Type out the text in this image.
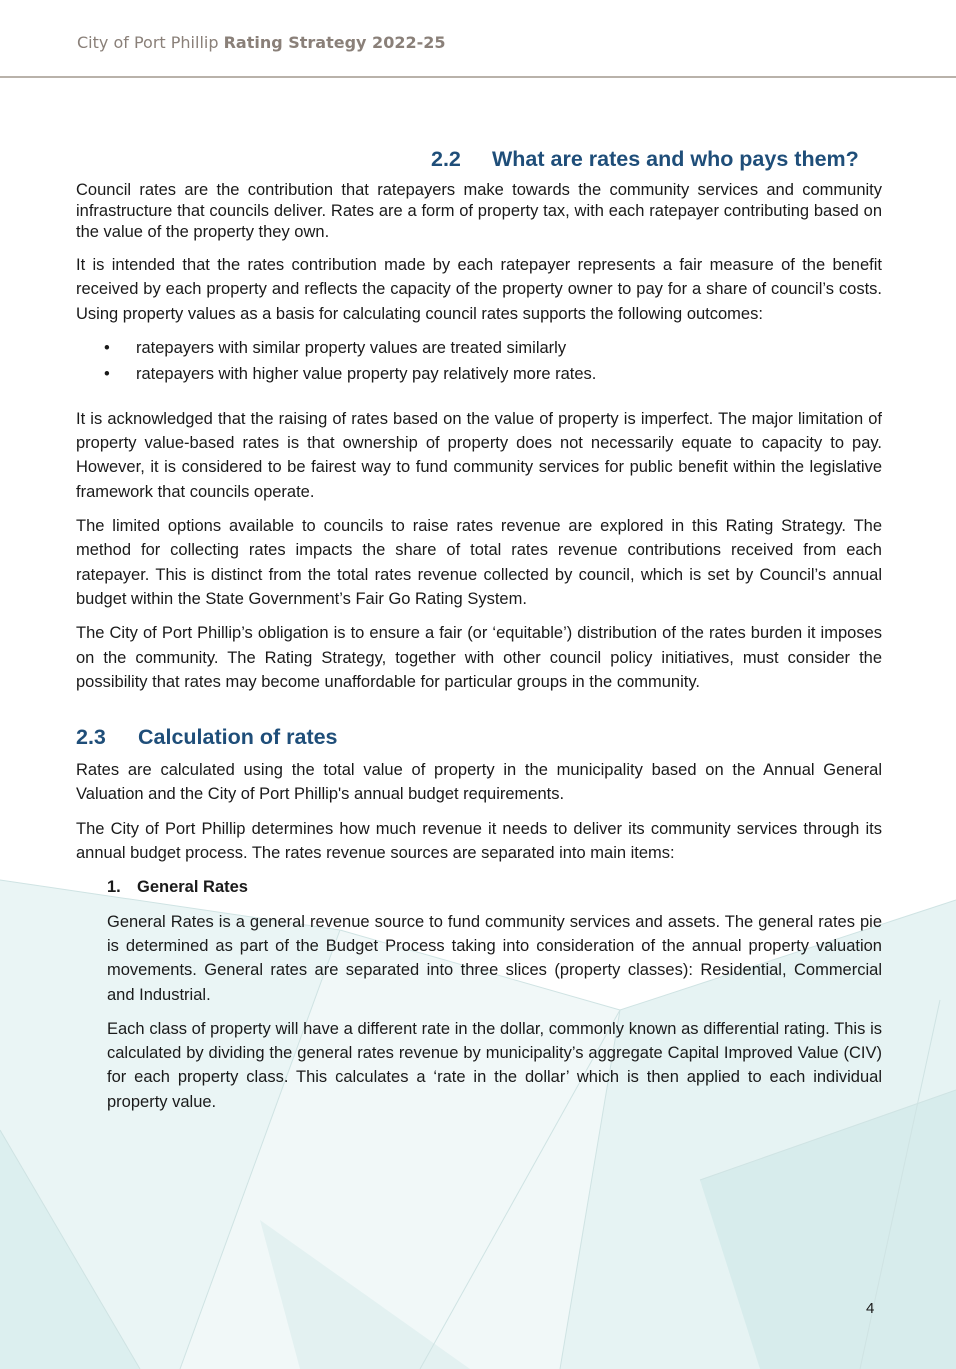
City of Port Phillip Rating Strategy 2022-25
2.2	What are rates and who pays them?

Council rates are the contribution that ratepayers make towards the community services and community infrastructure that councils deliver. Rates are a form of property tax, with each ratepayer contributing based on the value of the property they own.

It is intended that the rates contribution made by each ratepayer represents a fair measure of the benefit received by each property and reflects the capacity of the property owner to pay for a share of council’s costs. Using property values as a basis for calculating council rates supports the following outcomes:

•	ratepayers with similar property values are treated similarly
•	ratepayers with higher value property pay relatively more rates.

It is acknowledged that the raising of rates based on the value of property is imperfect. The major limitation of property value-based rates is that ownership of property does not necessarily equate to capacity to pay. However, it is considered to be fairest way to fund community services for public benefit within the legislative framework that councils operate.

The limited options available to councils to raise rates revenue are explored in this Rating Strategy. The method for collecting rates impacts the share of total rates revenue contributions received from each ratepayer. This is distinct from the total rates revenue collected by council, which is set by Council’s annual budget within the State Government’s Fair Go Rating System.

The City of Port Phillip’s obligation is to ensure a fair (or ‘equitable’) distribution of the rates burden it imposes on the community. The Rating Strategy, together with other council policy initiatives, must consider the possibility that rates may become unaffordable for particular groups in the community.

2.3	Calculation of rates

Rates are calculated using the total value of property in the municipality based on the Annual General Valuation and the City of Port Phillip's annual budget requirements.

The City of Port Phillip determines how much revenue it needs to deliver its community services through its annual budget process. The rates revenue sources are separated into main items:

1. General Rates

General Rates is a general revenue source to fund community services and assets. The general rates pie is determined as part of the Budget Process taking into consideration of the annual property valuation movements. General rates are separated into three slices (property classes): Residential, Commercial and Industrial.

Each class of property will have a different rate in the dollar, commonly known as differential rating. This is calculated by dividing the general rates revenue by municipality’s aggregate Capital Improved Value (CIV) for each property class. This calculates a ‘rate in the dollar’ which is then applied to each individual property value.

4
